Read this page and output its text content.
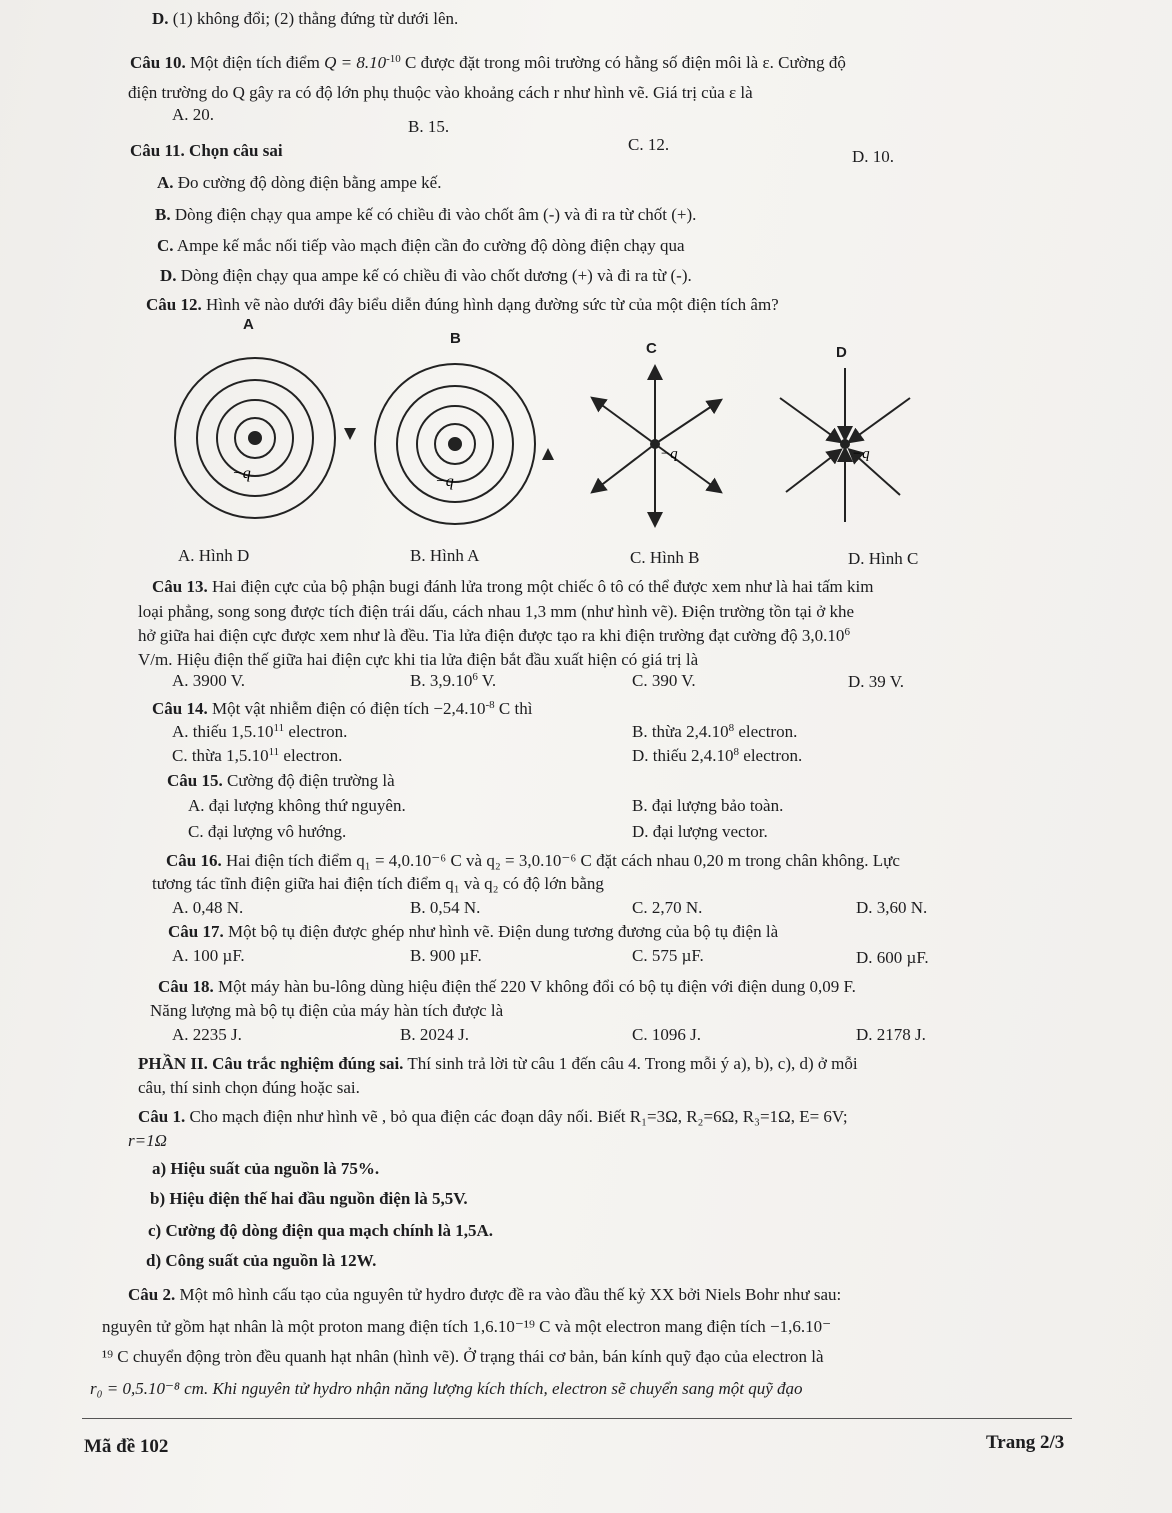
D. (1) không đổi; (2) thẳng đứng từ dưới lên.
Câu 10. Một điện tích điểm $Q = 8.10^{-10}$ C được đặt trong môi trường có hằng số điện môi là ε. Cường độ
điện trường do Q gây ra có độ lớn phụ thuộc vào khoảng cách r như hình vẽ. Giá trị của ε là
A. 20.
B. 15.
C. 12.
D. 10.
Câu 11. Chọn câu sai
A. Đo cường độ dòng điện bằng ampe kế.
B. Dòng điện chạy qua ampe kế có chiều đi vào chốt âm (-) và đi ra từ chốt (+).
C. Ampe kế mắc nối tiếp vào mạch điện cần đo cường độ dòng điện chạy qua
D. Dòng điện chạy qua ampe kế có chiều đi vào chốt dương (+) và đi ra từ (-).
Câu 12. Hình vẽ nào dưới đây biểu diễn đúng hình dạng đường sức từ của một điện tích âm?
A
B
C	D
−q	−q
−q	−q
A. Hình D	B. Hình A	C. Hình B	D. Hình C
Câu 13. Hai điện cực của bộ phận bugi đánh lửa trong một chiếc ô tô có thể được xem như là hai tấm kim
loại phẳng, song song được tích điện trái dấu, cách nhau 1,3 mm (như hình vẽ). Điện trường tồn tại ở khe
hở giữa hai điện cực được xem như là đều. Tia lửa điện được tạo ra khi điện trường đạt cường độ 3,0.10$^6$
V/m. Hiệu điện thế giữa hai điện cực khi tia lửa điện bắt đầu xuất hiện có giá trị là
A. 3900 V.	B. 3,9.10$^6$ V.	C. 390 V.	D. 39 V.
Câu 14. Một vật nhiễm điện có điện tích $-2,4.10^{-8}$ C thì
A. thiếu 1,5.10$^{11}$ electron.	B. thừa 2,4.10$^8$ electron.
C. thừa 1,5.10$^{11}$ electron.	D. thiếu 2,4.10$^8$ electron.
Câu 15. Cường độ điện trường là
A. đại lượng không thứ nguyên.	B. đại lượng bảo toàn.
C. đại lượng vô hướng.	D. đại lượng vector.
Câu 16. Hai điện tích điểm q₁ = 4,0.10⁻⁶ C và q₂ = 3,0.10⁻⁶ C đặt cách nhau 0,20 m trong chân không. Lực
tương tác tĩnh điện giữa hai điện tích điểm q₁ và q₂ có độ lớn bằng
A. 0,48 N.	B. 0,54 N.	C. 2,70 N.	D. 3,60 N.
Câu 17. Một bộ tụ điện được ghép như hình vẽ. Điện dung tương đương của bộ tụ điện là
A. 100 µF.	B. 900 µF.	C. 575 µF.	D. 600 µF.
Câu 18. Một máy hàn bu-lông dùng hiệu điện thế 220 V không đổi có bộ tụ điện với điện dung 0,09 F.
Năng lượng mà bộ tụ điện của máy hàn tích được là
A. 2235 J.	B. 2024 J.	C. 1096 J.	D. 2178 J.
PHẦN II. Câu trắc nghiệm đúng sai. Thí sinh trả lời từ câu 1 đến câu 4. Trong mỗi ý a), b), c), d) ở mỗi
câu, thí sinh chọn đúng hoặc sai.
Câu 1. Cho mạch điện như hình vẽ , bỏ qua điện các đoạn dây nối. Biết R₁=3Ω, R₂=6Ω, R₃=1Ω, E= 6V;
r=1Ω
a) Hiệu suất của nguồn là 75%.
b) Hiệu điện thế hai đầu nguồn điện là 5,5V.
c) Cường độ dòng điện qua mạch chính là 1,5A.
d) Công suất của nguồn là 12W.
Câu 2. Một mô hình cấu tạo của nguyên tử hydro được đề ra vào đầu thế kỷ XX bởi Niels Bohr như sau:
nguyên tử gồm hạt nhân là một proton mang điện tích 1,6.10⁻¹⁹ C và một electron mang điện tích −1,6.10⁻
¹⁹ C chuyển động tròn đều quanh hạt nhân (hình vẽ). Ở trạng thái cơ bản, bán kính quỹ đạo của electron là
r₀ = 0,5.10⁻⁸ cm. Khi nguyên tử hydro nhận năng lượng kích thích, electron sẽ chuyển sang một quỹ đạo
Mã đề 102	Trang 2/3
